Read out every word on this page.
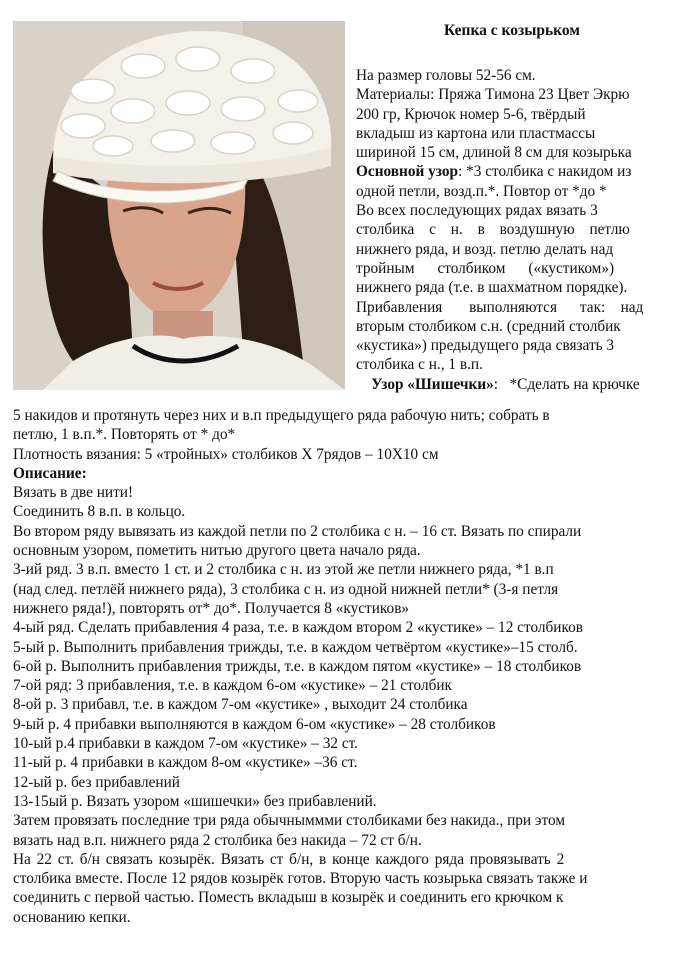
Кепка с козырьком

На размер головы 52-56 см.

Материалы: Пряжа Тимона 23 Цвет Экрю

200 гр, Крючок номер 5-6, твёрдый

вкладыш из картона или пластмассы

шириной 15 см, длиной 8 см для козырька

Основной узор: *3 столбика с накидом из

одной петли, возд.п.*. Повтор от *до *

Во всех последующих рядах вязать 3

столбика с н. в воздушную петлю

нижнего ряда, и возд. петлю делать над

тройным      столбиком      («кустиком»)

нижнего ряда (т.е. в шахматном порядке).

Прибавления       выполняются      так:    над

вторым столбиком с.н. (средний столбик

«кустика») предыдущего ряда связать 3

столбика с н., 1 в.п.

Узор «Шишечки»:   *Сделать на крючке

5 накидов и протянуть через них и в.п предыдущего ряда рабочую нить; собрать в

петлю, 1 в.п.*. Повторять от * до*

Плотность вязания: 5 «тройных» столбиков Х 7рядов – 10Х10 см

Описание:

Вязать в две нити!

Соединить 8 в.п. в кольцо.

Во втором ряду вывязать из каждой петли по 2 столбика с н. – 16 ст. Вязать по спирали

основным узором, пометить нитью другого цвета начало ряда.

3-ий ряд. 3 в.п. вместо 1 ст. и 2 столбика с н. из этой же петли нижнего ряда, *1 в.п

(над след. петлёй нижнего ряда), 3 столбика с н. из одной нижней петли* (3-я петля

нижнего ряда!), повторять от* до*. Получается 8 «кустиков»

4-ый ряд. Сделать прибавления 4 раза, т.е. в каждом втором 2 «кустике» – 12 столбиков

5-ый р. Выполнить прибавления трижды, т.е. в каждом четвёртом «кустике»–15 столб.

6-ой р. Выполнить прибавления трижды, т.е. в каждом пятом «кустике» – 18 столбиков

7-ой ряд: 3 прибавления, т.е. в каждом 6-ом «кустике» – 21 столбик

8-ой р. 3 прибавл, т.е. в каждом 7-ом «кустике» , выходит 24 столбика

9-ый р. 4 прибавки выполняются в каждом 6-ом «кустике» – 28 столбиков

10-ый р.4 прибавки в каждом 7-ом «кустике» – 32 ст.

11-ый р. 4 прибавки в каждом 8-ом «кустике» –36 ст.

12-ый р. без прибавлений

13-15ый р. Вязать узором «шишечки» без прибавлений.

Затем провязать последние три ряда обычныммми столбиками без накида., при этом

вязать над в.п. нижнего ряда 2 столбика без накида – 72 ст б/н.

На 22 ст. б/н связать козырёк. Вязать ст б/н, в конце каждого ряда провязывать 2

столбика вместе. После 12 рядов козырёк готов. Вторую часть козырька связать также и

соединить с первой частью. Поместь вкладыш в козырёк и соединить его крючком к

основанию кепки.
